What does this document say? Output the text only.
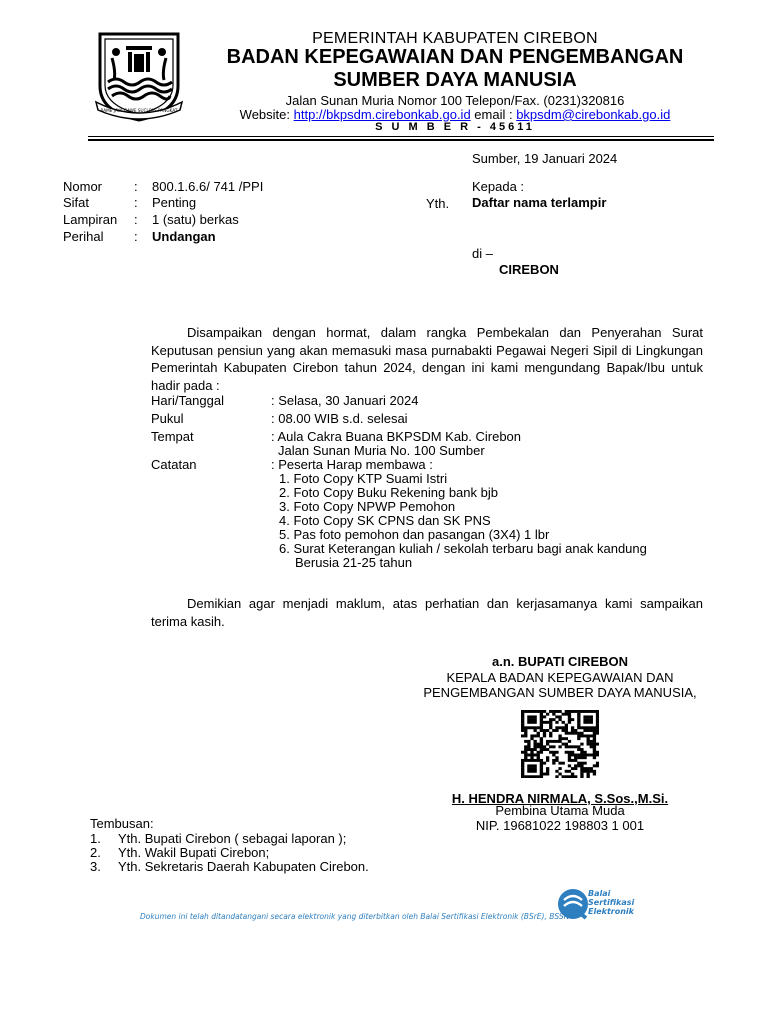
RAME JAYA GAWE SUCI PAS PANGKAT
PEMERINTAH KABUPATEN CIREBON
BADAN KEPEGAWAIAN DAN PENGEMBANGAN
SUMBER DAYA MANUSIA
Jalan Sunan Muria Nomor 100 Telepon/Fax. (0231)320816
Website: http://bkpsdm.cirebonkab.go.id email : bkpsdm@cirebonkab.go.id
S U M B E R - 45611
Sumber, 19 Januari 2024
Nomor : 800.1.6.6/ 741 /PPI
Sifat	: Penting
Lampiran : 1 (satu) berkas
Perihal : Undangan
Kepada :
Yth. Daftar nama terlampir
di –
CIREBON
Disampaikan dengan hormat, dalam rangka Pembekalan dan Penyerahan Surat Keputusan pensiun yang akan memasuki masa purnabakti Pegawai Negeri Sipil di Lingkungan Pemerintah Kabupaten Cirebon tahun 2024, dengan ini kami mengundang Bapak/Ibu untuk hadir pada :
Hari/Tanggal	: Selasa, 30 Januari 2024
Pukul	: 08.00 WIB s.d. selesai
Tempat	: Aula Cakra Buana BKPSDM Kab. Cirebon
Jalan Sunan Muria No. 100 Sumber
Catatan	: Peserta Harap membawa :
1. Foto Copy KTP Suami Istri
2. Foto Copy Buku Rekening bank bjb
3. Foto Copy NPWP Pemohon
4. Foto Copy SK CPNS dan SK PNS
5. Pas foto pemohon dan pasangan (3X4) 1 lbr
6. Surat Keterangan kuliah / sekolah terbaru bagi anak kandung
Berusia 21-25 tahun
Demikian agar menjadi maklum, atas perhatian dan kerjasamanya kami sampaikan terima kasih.
a.n. BUPATI CIREBON
KEPALA BADAN KEPEGAWAIAN DAN
PENGEMBANGAN SUMBER DAYA MANUSIA,
H. HENDRA NIRMALA, S.Sos.,M.Si.
Pembina Utama Muda
NIP. 19681022 198803 1 001
Tembusan:
1. Yth. Bupati Cirebon ( sebagai laporan );
2. Yth. Wakil Bupati Cirebon;
3. Yth. Sekretaris Daerah Kabupaten Cirebon.
Balai
Sertifikasi
Elektronik
Dokumen ini telah ditandatangani secara elektronik yang diterbitkan oleh Balai Sertifikasi Elektronik (BSrE), BSSN
